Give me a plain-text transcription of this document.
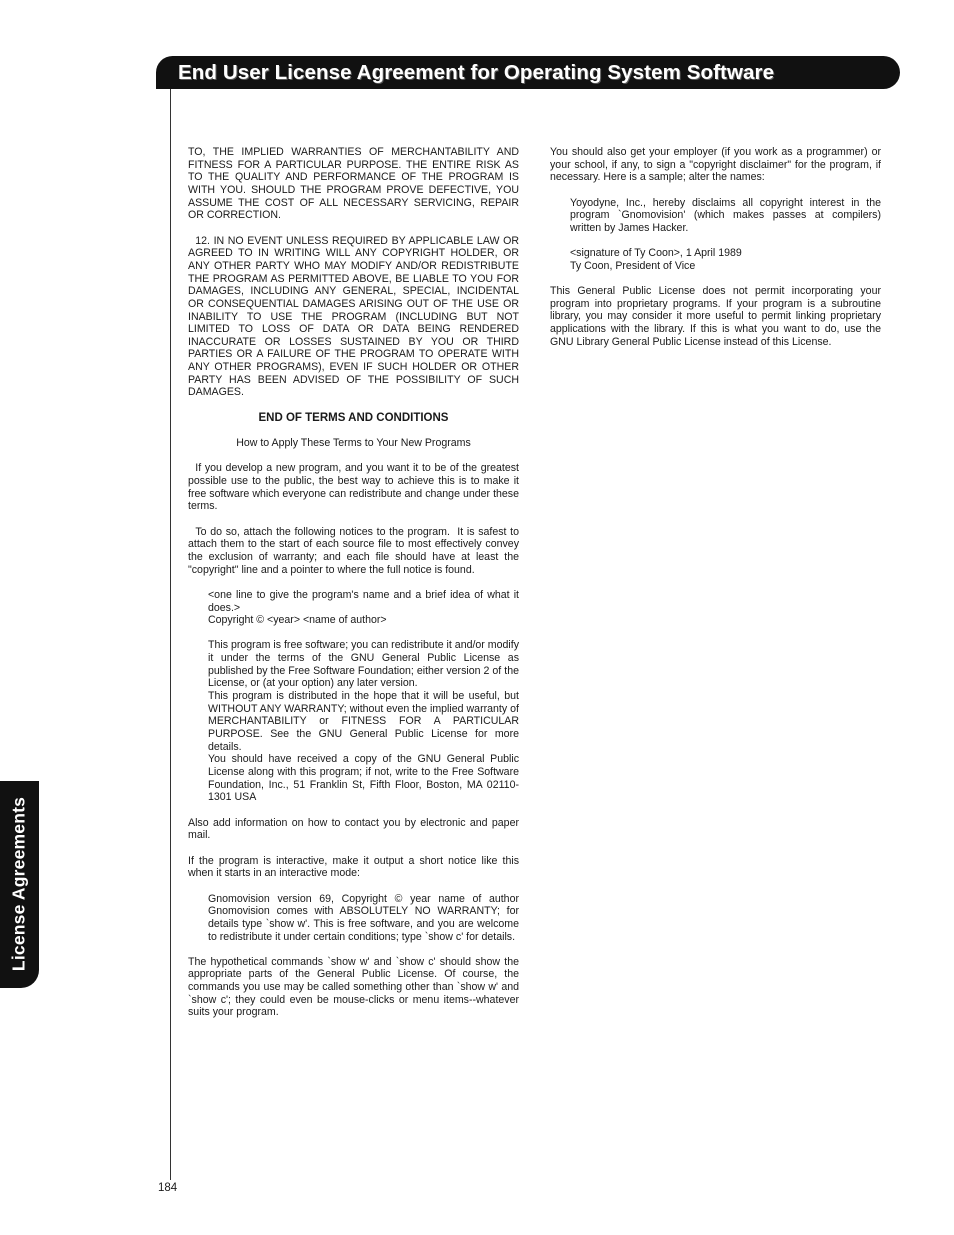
End User License Agreement for Operating System Software
License Agreements

TO, THE IMPLIED WARRANTIES OF MERCHANTABILITY AND FITNESS FOR A PARTICULAR PURPOSE. THE ENTIRE RISK AS TO THE QUALITY AND PERFORMANCE OF THE PROGRAM IS WITH YOU. SHOULD THE PROGRAM PROVE DEFECTIVE, YOU ASSUME THE COST OF ALL NECESSARY SERVICING, REPAIR OR CORRECTION.

12. IN NO EVENT UNLESS REQUIRED BY APPLICABLE LAW OR AGREED TO IN WRITING WILL ANY COPYRIGHT HOLDER, OR ANY OTHER PARTY WHO MAY MODIFY AND/OR REDISTRIBUTE THE PROGRAM AS PERMITTED ABOVE, BE LIABLE TO YOU FOR DAMAGES, INCLUDING ANY GENERAL, SPECIAL, INCIDENTAL OR CONSEQUENTIAL DAMAGES ARISING OUT OF THE USE OR INABILITY TO USE THE PROGRAM (INCLUDING BUT NOT LIMITED TO LOSS OF DATA OR DATA BEING RENDERED INACCURATE OR LOSSES SUSTAINED BY YOU OR THIRD PARTIES OR A FAILURE OF THE PROGRAM TO OPERATE WITH ANY OTHER PROGRAMS), EVEN IF SUCH HOLDER OR OTHER PARTY HAS BEEN ADVISED OF THE POSSIBILITY OF SUCH DAMAGES.

END OF TERMS AND CONDITIONS

How to Apply These Terms to Your New Programs

If you develop a new program, and you want it to be of the greatest possible use to the public, the best way to achieve this is to make it free software which everyone can redistribute and change under these terms.

To do so, attach the following notices to the program.  It is safest to attach them to the start of each source file to most effectively convey the exclusion of warranty; and each file should have at least the "copyright" line and a pointer to where the full notice is found.

<one line to give the program's name and a brief idea of what it does.>

Copyright © <year> <name of author>

This program is free software; you can redistribute it and/or modify it under the terms of the GNU General Public License as published by the Free Software Foundation; either version 2 of the License, or (at your option) any later version.

This program is distributed in the hope that it will be useful, but WITHOUT ANY WARRANTY; without even the implied warranty of MERCHANTABILITY or FITNESS FOR A PARTICULAR PURPOSE. See the GNU General Public License for more details.

You should have received a copy of the GNU General Public License along with this program; if not, write to the Free Software Foundation, Inc., 51 Franklin St, Fifth Floor, Boston, MA 02110-1301 USA

Also add information on how to contact you by electronic and paper mail.

If the program is interactive, make it output a short notice like this when it starts in an interactive mode:

Gnomovision version 69, Copyright © year name of author Gnomovision comes with ABSOLUTELY NO WARRANTY; for details type `show w'. This is free software, and you are welcome to redistribute it under certain conditions; type `show c' for details.

The hypothetical commands `show w' and `show c' should show the appropriate parts of the General Public License. Of course, the commands you use may be called something other than `show w' and `show c'; they could even be mouse-clicks or menu items--whatever suits your program.

You should also get your employer (if you work as a programmer) or your school, if any, to sign a "copyright disclaimer" for the program, if necessary. Here is a sample; alter the names:

Yoyodyne, Inc., hereby disclaims all copyright interest in the program `Gnomovision' (which makes passes at compilers) written by James Hacker.

<signature of Ty Coon>, 1 April 1989

Ty Coon, President of Vice

This General Public License does not permit incorporating your program into proprietary programs. If your program is a subroutine library, you may consider it more useful to permit linking proprietary applications with the library. If this is what you want to do, use the GNU Library General Public License instead of this License.

184
